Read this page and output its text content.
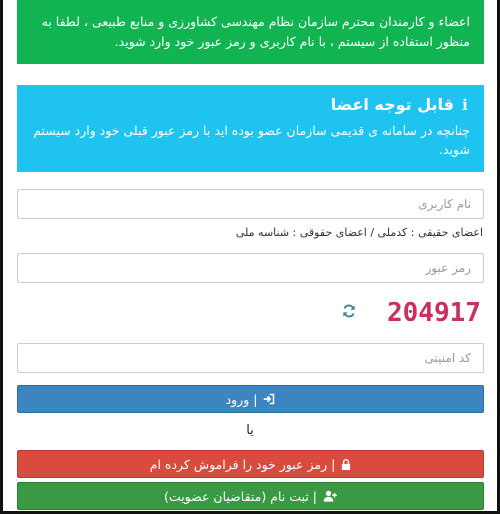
اعضاء و کارمندان محترم سازمان نظام مهندسی کشاورزی و منابع طبیعی ، لطفا به منظور استفاده از سیستم ، با نام کاربری و رمز عبور خود وارد شوید.
i
قابل توجه اعضا
چنانچه در سامانه ی قدیمی سازمان عضو بوده اید با رمز عبور قبلی خود وارد سیستم شوید.
نام کاربری
اعضای حقیقی : کدملی / اعضای حقوقی : شناسه ملی
204917
کد امنیتی
| ورود
یا
| رمز عبور خود را فراموش کرده ام
| ثبت نام (متقاضیان عضویت)
